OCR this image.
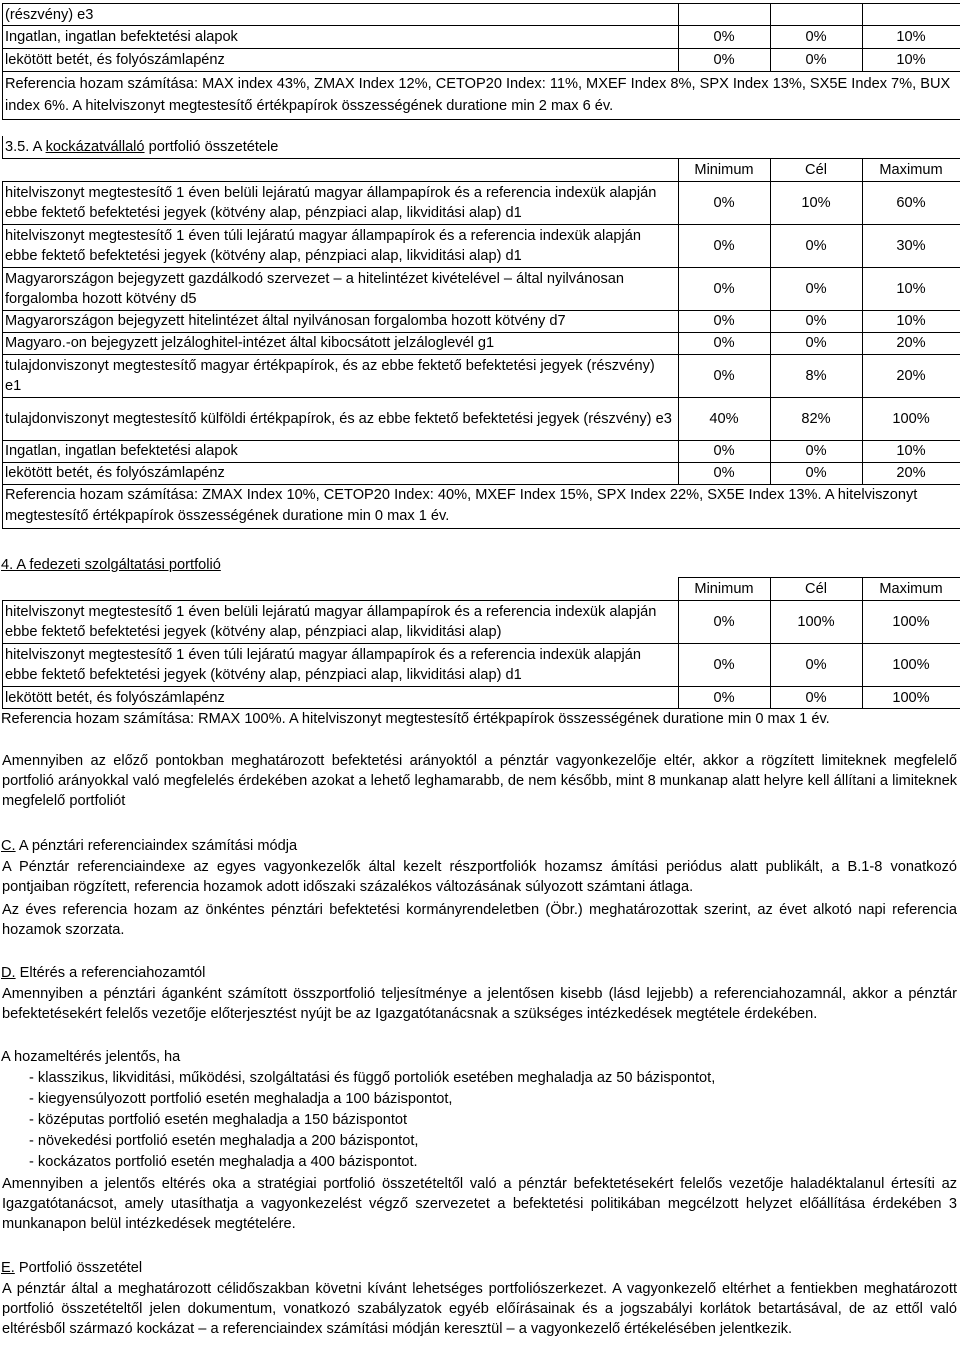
(részvény) e3			
Ingatlan, ingatlan befektetési alapok	0%	0%	10%
lekötött betét, és folyószámlapénz	0%	0%	10%
Referencia hozam számítása: MAX index 43%, ZMAX Index 12%, CETOP20 Index: 11%, MXEF Index 8%, SPX Index 13%, SX5E Index 7%, BUX index 6%. A hitelviszonyt megtestesítő értékpapírok összességének duratione min 2 max 6 év.			
3.5. A kockázatvállaló portfolió összetétele			
	Minimum	Cél	Maximum
hitelviszonyt megtestesítő 1 éven belüli lejáratú magyar állampapírok és a referencia indexük alapján ebbe fektető befektetési jegyek (kötvény alap, pénzpiaci alap, likviditási alap) d1	0%	10%	60%
hitelviszonyt megtestesítő 1 éven túli lejáratú magyar állampapírok és a referencia indexük alapján ebbe fektető befektetési jegyek (kötvény alap, pénzpiaci alap, likviditási alap) d1	0%	0%	30%
Magyarországon bejegyzett gazdálkodó szervezet – a hitelintézet kivételével – által nyilvánosan forgalomba hozott kötvény d5	0%	0%	10%
Magyarországon bejegyzett hitelintézet által nyilvánosan forgalomba hozott kötvény d7	0%	0%	10%
Magyaro.-on bejegyzett jelzáloghitel-intézet által kibocsátott jelzáloglevél g1	0%	0%	20%
tulajdonviszonyt megtestesítő magyar értékpapírok, és az ebbe fektető befektetési jegyek (részvény) e1	0%	8%	20%
tulajdonviszonyt megtestesítő külföldi értékpapírok, és az ebbe fektető befektetési jegyek (részvény) e3	40%	82%	100%
Ingatlan, ingatlan befektetési alapok	0%	0%	10%
lekötött betét, és folyószámlapénz	0%	0%	20%
Referencia hozam számítása: ZMAX Index 10%, CETOP20 Index: 40%, MXEF Index 15%, SPX Index 22%, SX5E Index 13%. A hitelviszonyt megtestesítő értékpapírok összességének duratione min 0 max 1 év.			
4. A fedezeti szolgáltatási portfolió
	Minimum	Cél	Maximum
hitelviszonyt megtestesítő 1 éven belüli lejáratú magyar állampapírok és a referencia indexük alapján ebbe fektető befektetési jegyek (kötvény alap, pénzpiaci alap, likviditási alap)	0%	100%	100%
hitelviszonyt megtestesítő 1 éven túli lejáratú magyar állampapírok és a referencia indexük alapján ebbe fektető befektetési jegyek (kötvény alap, pénzpiaci alap, likviditási alap) d1	0%	0%	100%
lekötött betét, és folyószámlapénz	0%	0%	100%
Referencia hozam számítása: RMAX 100%. A hitelviszonyt megtestesítő értékpapírok összességének duratione min 0 max 1 év.
Amennyiben az előző pontokban meghatározott befektetési arányoktól a pénztár vagyonkezelője eltér, akkor a rögzített limiteknek megfelelő portfolió arányokkal való megfelelés érdekében azokat a lehető leghamarabb, de nem később, mint 8 munkanap alatt helyre kell állítani a limiteknek megfelelő portfoliót
C. A pénztári referenciaindex számítási módja
A Pénztár referenciaindexe az egyes vagyonkezelők által kezelt részportfoliók hozamsz ámítási periódus alatt publikált, a B.1-8 vonatkozó pontjaiban rögzített, referencia hozamok adott időszaki százalékos változásának súlyozott számtani átlaga.
Az éves referencia hozam az önkéntes pénztári befektetési kormányrendeletben (Öbr.) meghatározottak szerint, az évet alkotó napi referencia hozamok szorzata.
D. Eltérés a referenciahozamtól
Amennyiben a pénztári áganként számított összportfolió teljesítménye a jelentősen kisebb (lásd lejjebb) a referenciahozamnál, akkor a pénztár befektetésekért felelős vezetője előterjesztést nyújt be az Igazgatótanácsnak a szükséges intézkedések megtétele érdekében.
A hozameltérés jelentős, ha
- klasszikus, likviditási, működési, szolgáltatási és függő portoliók esetében meghaladja az 50 bázispontot,
- kiegyensúlyozott portfolió esetén meghaladja a 100 bázispontot,
- középutas portfolió esetén meghaladja a 150 bázispontot
- növekedési portfolió esetén meghaladja a 200 bázispontot,
- kockázatos portfolió esetén meghaladja a 400 bázispontot.
Amennyiben a jelentős eltérés oka a stratégiai portfolió összetételtől való a pénztár befektetésekért felelős vezetője haladéktalanul értesíti az Igazgatótanácsot, amely utasíthatja a vagyonkezelést végző szervezetet a befektetési politikában megcélzott helyzet előállítása érdekében 3 munkanapon belül intézkedések megtételére.
E. Portfolió összetétel
A pénztár által a meghatározott célidőszakban követni kívánt lehetséges portfoliószerkezet. A vagyonkezelő eltérhet a fentiekben meghatározott portfolió összetételtől jelen dokumentum, vonatkozó szabályzatok egyéb előírásainak és a jogszabályi korlátok betartásával, de az ettől való eltérésből származó kockázat – a referenciaindex számítási módján keresztül – a vagyonkezelő értékelésében jelentkezik.
